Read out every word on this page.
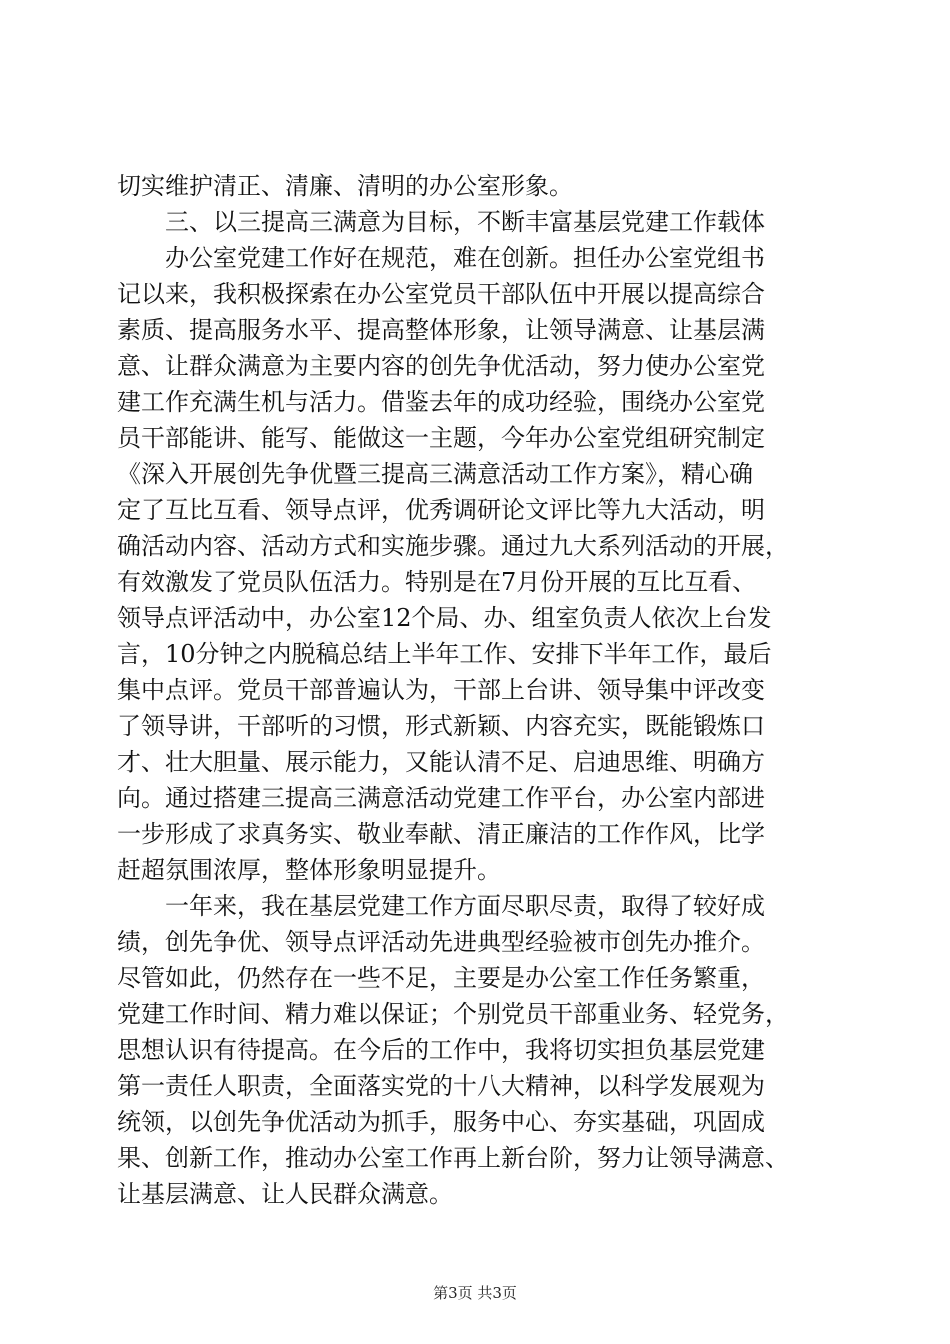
切实维护清正、清廉、清明的办公室形象。
　　三、以三提高三满意为目标，不断丰富基层党建工作载体
　　办公室党建工作好在规范，难在创新。担任办公室党组书
记以来，我积极探索在办公室党员干部队伍中开展以提高综合
素质、提高服务水平、提高整体形象，让领导满意、让基层满
意、让群众满意为主要内容的创先争优活动，努力使办公室党
建工作充满生机与活力。借鉴去年的成功经验，围绕办公室党
员干部能讲、能写、能做这一主题，今年办公室党组研究制定
《深入开展创先争优暨三提高三满意活动工作方案》，精心确
定了互比互看、领导点评，优秀调研论文评比等九大活动，明
确活动内容、活动方式和实施步骤。通过九大系列活动的开展，
有效激发了党员队伍活力。特别是在7月份开展的互比互看、
领导点评活动中，办公室12个局、办、组室负责人依次上台发
言，10分钟之内脱稿总结上半年工作、安排下半年工作，最后
集中点评。党员干部普遍认为，干部上台讲、领导集中评改变
了领导讲，干部听的习惯，形式新颖、内容充实，既能锻炼口
才、壮大胆量、展示能力，又能认清不足、启迪思维、明确方
向。通过搭建三提高三满意活动党建工作平台，办公室内部进
一步形成了求真务实、敬业奉献、清正廉洁的工作作风，比学
赶超氛围浓厚，整体形象明显提升。
　　一年来，我在基层党建工作方面尽职尽责，取得了较好成
绩，创先争优、领导点评活动先进典型经验被市创先办推介。
尽管如此，仍然存在一些不足，主要是办公室工作任务繁重，
党建工作时间、精力难以保证；个别党员干部重业务、轻党务，
思想认识有待提高。在今后的工作中，我将切实担负基层党建
第一责任人职责，全面落实党的十八大精神，以科学发展观为
统领，以创先争优活动为抓手，服务中心、夯实基础，巩固成
果、创新工作，推动办公室工作再上新台阶，努力让领导满意、
让基层满意、让人民群众满意。
第3页 共3页
